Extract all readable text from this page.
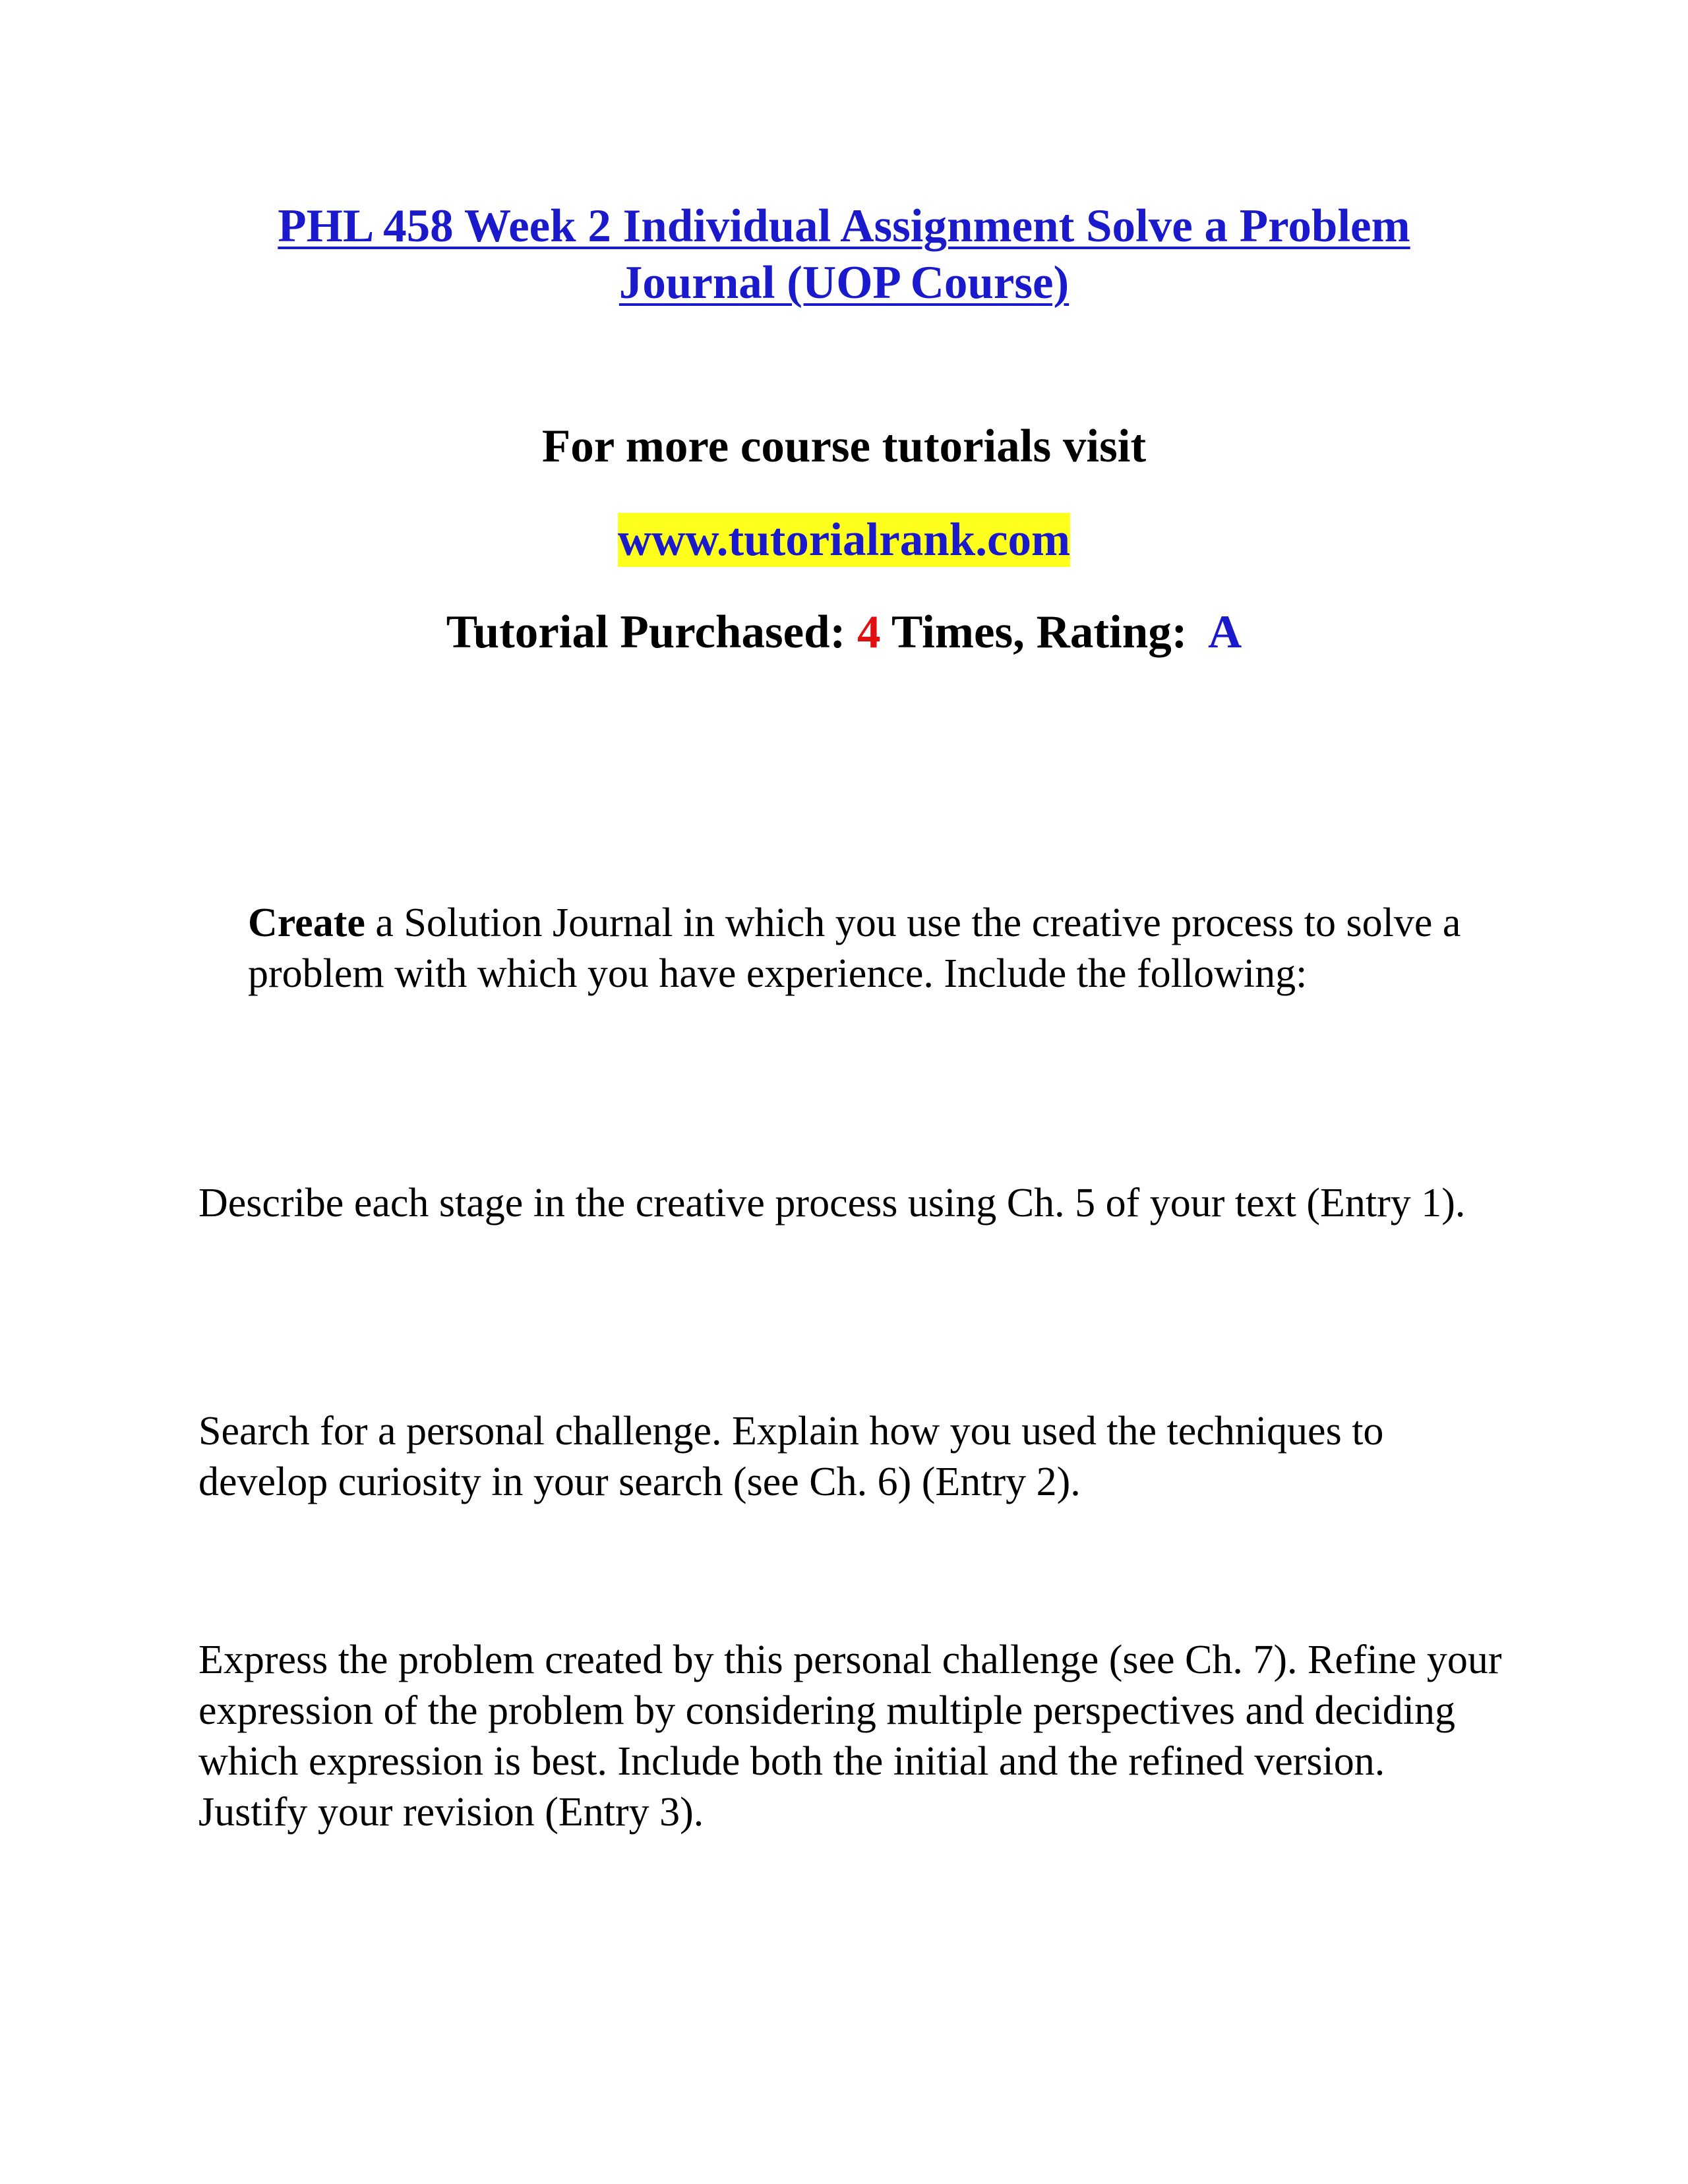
PHL 458 Week 2 Individual Assignment Solve a Problem
Journal (UOP Course)

For more course tutorials visit

www.tutorialrank.com

Tutorial Purchased: 4 Times, Rating:  A

Create a Solution Journal in which you use the creative process to solve a problem with which you have experience. Include the following:

Describe each stage in the creative process using Ch. 5 of your text (Entry 1).

Search for a personal challenge. Explain how you used the techniques to develop curiosity in your search (see Ch. 6) (Entry 2).

Express the problem created by this personal challenge (see Ch. 7). Refine your expression of the problem by considering multiple perspectives and deciding which expression is best. Include both the initial and the refined version. Justify your revision (Entry 3).
